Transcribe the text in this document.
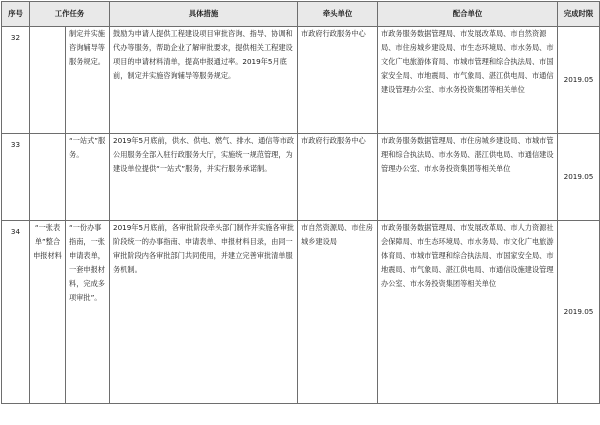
序号	工作任务		具体措施	牵头单位	配合单位	完成时限
32		制定并实施咨询辅导等服务规定。	鼓励为申请人提供工程建设项目审批咨询、指导、协调和代办等服务，帮助企业了解审批要求，提供相关工程建设项目的申请材料清单，提高申报通过率。2019年5月底前，制定并实施咨询辅导等服务规定。	市政府行政服务中心	市政务服务数据管理局、市发展改革局、市自然资源局、市住房城乡建设局、市生态环境局、市水务局、市文化广电旅游体育局、市城市管理和综合执法局、市国家安全局、市地震局、市气象局、湛江供电局、市通信建设管理办公室、市水务投资集团等相关单位	2019.05
33		“一站式”服务。	2019年5月底前，供水、供电、燃气、排水、通信等市政公用服务全部入驻行政服务大厅，实施统一规范管理，为建设单位提供“一站式”服务，并实行服务承诺制。	市政府行政服务中心	市政务服务数据管理局、市住房城乡建设局、市城市管理和综合执法局、市水务局、湛江供电局、市通信建设管理办公室、市水务投资集团等相关单位	2019.05
34	“一张表单”整合申报材料	“一份办事指南，一张申请表单，一套申报材料，完成多项审批”。	2019年5月底前，各审批阶段牵头部门制作并实施各审批阶段统一的办事指南、申请表单、申报材料目录，由同一审批阶段内各审批部门共同使用，并建立完善审批清单服务机制。	市自然资源局、市住房城乡建设局	市政务服务数据管理局、市发展改革局、市人力资源社会保障局、市生态环境局、市水务局、市文化广电旅游体育局、市城市管理和综合执法局、市国家安全局、市地震局、市气象局、湛江供电局、市通信设施建设管理办公室、市水务投资集团等相关单位	2019.05
